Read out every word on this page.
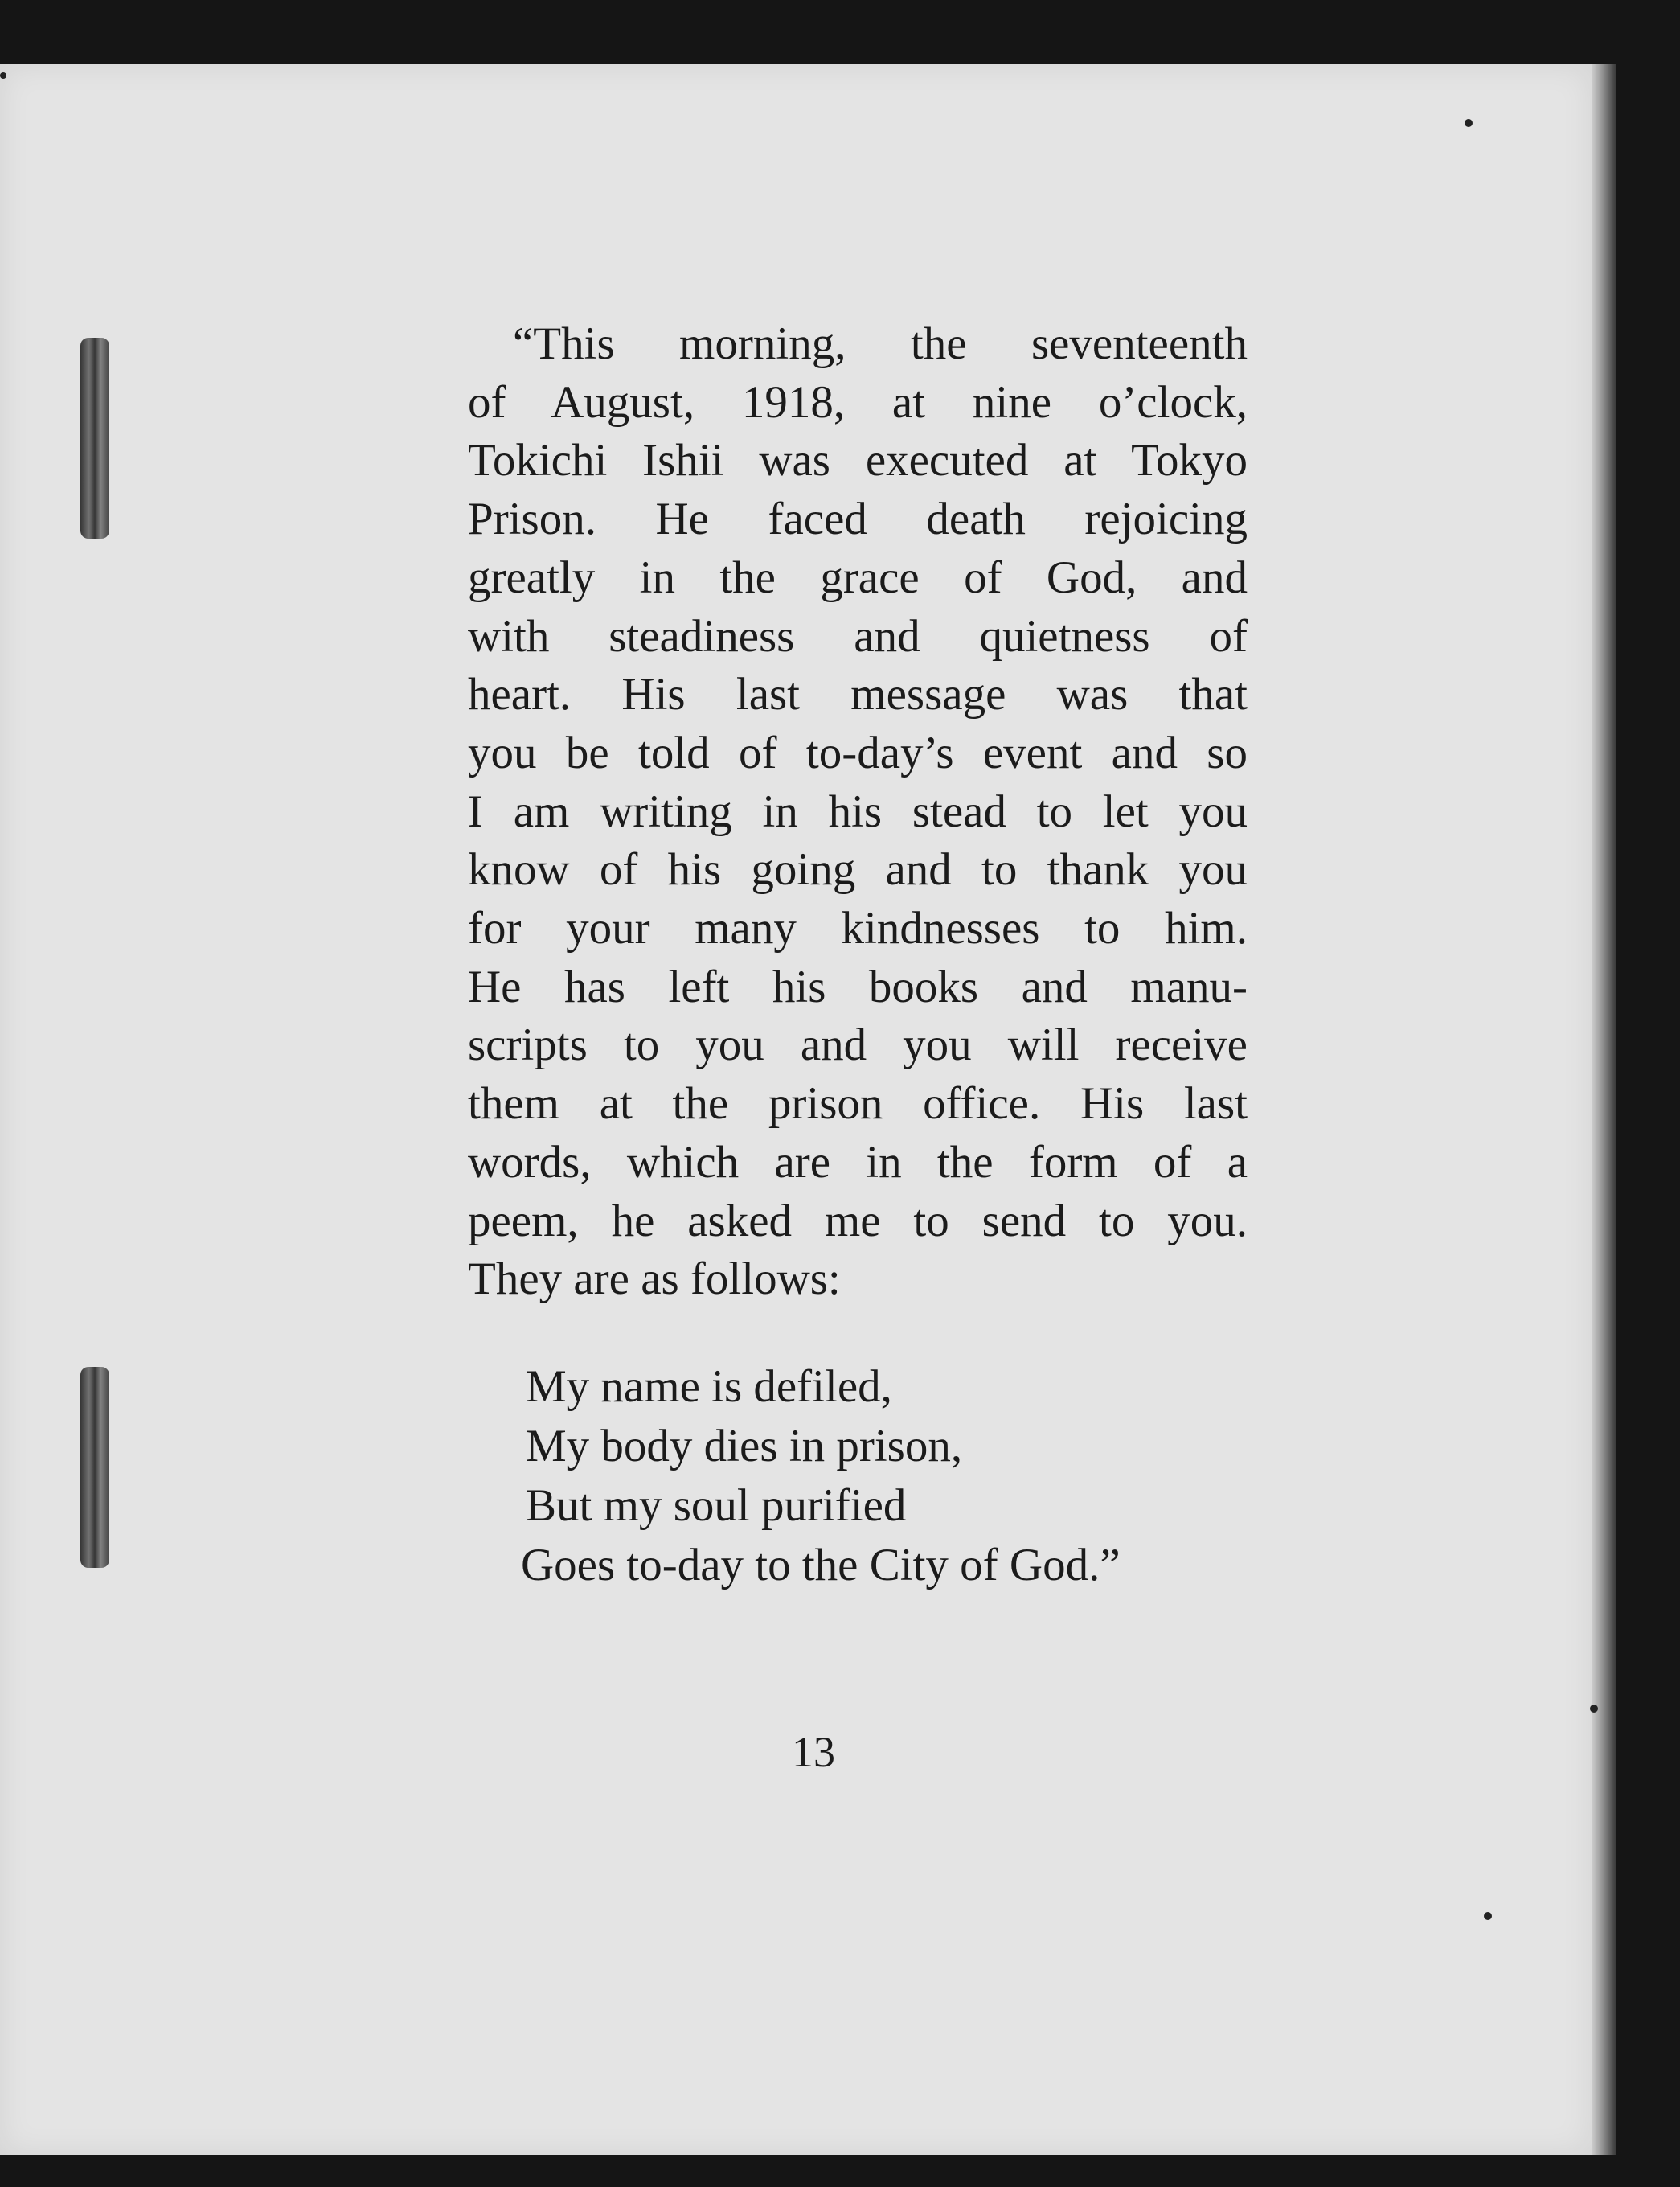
“This morning, the seventeenth
of August, 1918, at nine o’clock,
Tokichi Ishii was executed at Tokyo
Prison. He faced death rejoicing
greatly in the grace of God, and
with steadiness and quietness of
heart. His last message was that
you be told of to-day’s event and so
I am writing in his stead to let you
know of his going and to thank you
for your many kindnesses to him.
He has left his books and manu-
scripts to you and you will receive
them at the prison office. His last
words, which are in the form of a
peem, he asked me to send to you.
They are as follows:

My name is defiled,
My body dies in prison,
But my soul purified
Goes to-day to the City of God.”
13
